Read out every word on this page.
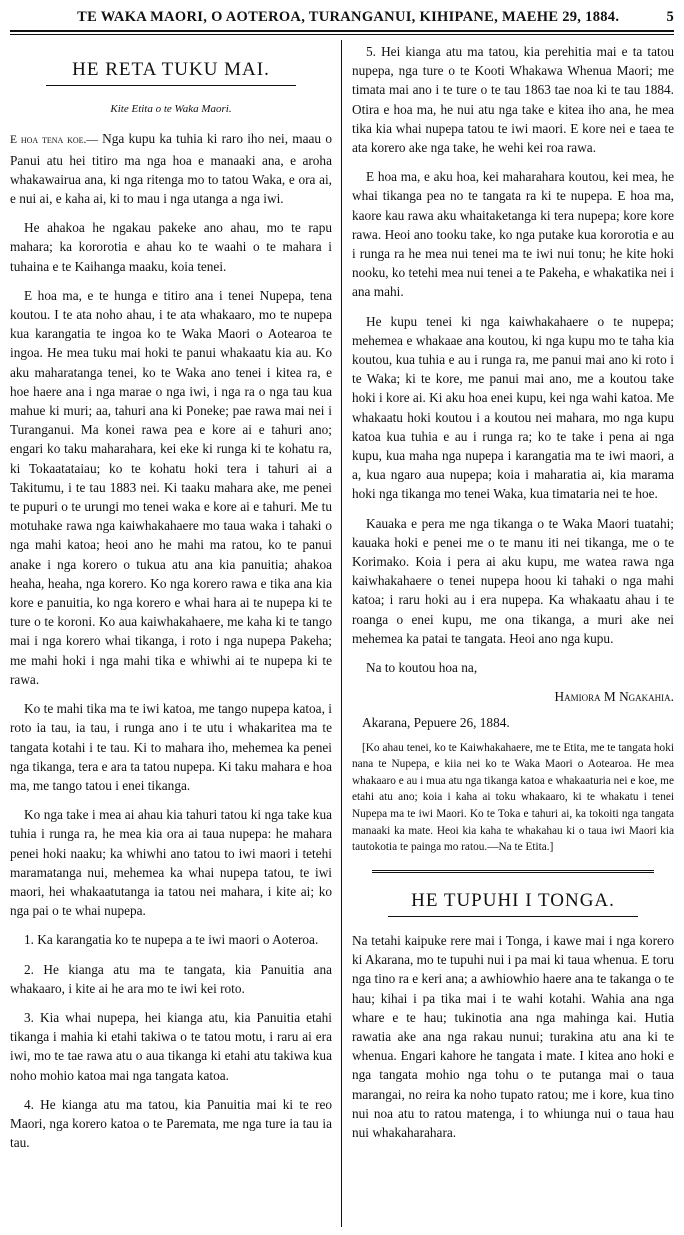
TE WAKA MAORI, O AOTEROA, TURANGANUI, KIHIPANE, MAEHE 29, 1884.	5
HE RETA TUKU MAI.
Kite Etita o te Waka Maori.

E hoa tena koe.— Nga kupu ka tuhia ki raro iho nei, maau o Panui atu hei titiro ma nga hoa e manaaki ana, e aroha whakawairua ana, ki nga ritenga mo to tatou Waka, e ora ai, e nui ai, e kaha ai, ki to mau i nga utanga a nga iwi.

He ahakoa he ngakau pakeke ano ahau, mo te rapu mahara; ka kororotia e ahau ko te waahi o te mahara i tuhaina e te Kaihanga maaku, koia tenei.

E hoa ma, e te hunga e titiro ana i tenei Nupepa, tena koutou. I te ata noho ahau, i te ata whakaaro, mo te nupepa kua karangatia te ingoa ko te Waka Maori o Aotearoa te ingoa. He mea tuku mai hoki te panui whakaatu kia au. Ko aku maharatanga tenei, ko te Waka ano tenei i kitea ra, e hoe haere ana i nga marae o nga iwi, i nga ra o nga tau kua mahue ki muri; aa, tahuri ana ki Poneke; pae rawa mai nei i Turanganui. Ma konei rawa pea e kore ai e tahuri ano; engari ko taku maharahara, kei eke ki runga ki te kohatu ra, ki Tokaatataiau; ko te kohatu hoki tera i tahuri ai a Takitumu, i te tau 1883 nei. Ki taaku mahara ake, me penei te pupuri o te urungi mo tenei waka e kore ai e tahuri. Me tu motuhake rawa nga kaiwhakahaere mo taua waka i tahaki o nga mahi katoa; heoi ano he mahi ma ratou, ko te panui anake i nga korero o tukua atu ana kia panuitia; ahakoa heaha, heaha, nga korero. Ko nga korero rawa e tika ana kia kore e panuitia, ko nga korero e whai hara ai te nupepa ki te ture o te koroni. Ko aua kaiwhakahaere, me kaha ki te tango mai i nga korero whai tikanga, i roto i nga nupepa Pakeha; me mahi hoki i nga mahi tika e whiwhi ai te nupepa ki te rawa.

Ko te mahi tika ma te iwi katoa, me tango nupepa katoa, i roto ia tau, ia tau, i runga ano i te utu i whakaritea ma te tangata kotahi i te tau. Ki to mahara iho, mehemea ka penei nga tikanga, tera e ara ta tatou nupepa. Ki taku mahara e hoa ma, me tango tatou i enei tikanga.

Ko nga take i mea ai ahau kia tahuri tatou ki nga take kua tuhia i runga ra, he mea kia ora ai taua nupepa: he mahara penei hoki naaku; ka whiwhi ano tatou to iwi maori i tetehi maramatanga nui, mehemea ka whai nupepa tatou, te iwi maori, hei whakaatutanga ia tatou nei mahara, i kite ai; ko nga pai o te whai nupepa.

1. Ka karangatia ko te nupepa a te iwi maori o Aoteroa.
2. He kianga atu ma te tangata, kia Panuitia ana whakaaro, i kite ai he ara mo te iwi kei roto.
3. Kia whai nupepa, hei kianga atu, kia Panuitia etahi tikanga i mahia ki etahi takiwa o te tatou motu, i raru ai era iwi, mo te tae rawa atu o aua tikanga ki etahi atu takiwa kua noho mohio katoa mai nga tangata katoa.
4. He kianga atu ma tatou, kia Panuitia mai ki te reo Maori, nga korero katoa o te Paremata, me nga ture ia tau ia tau.
5. Hei kianga atu ma tatou, kia perehitia mai e ta tatou nupepa, nga ture o te Kooti Whakawa Whenua Maori; me timata mai ano i te ture o te tau 1863 tae noa ki te tau 1884. Otira e hoa ma, he nui atu nga take e kitea iho ana, he mea tika kia whai nupepa tatou te iwi maori. E kore nei e taea te ata korero ake nga take, he wehi kei roa rawa.

E hoa ma, e aku hoa, kei maharahara koutou, kei mea, he whai tikanga pea no te tangata ra ki te nupepa. E hoa ma, kaore kau rawa aku whaitaketanga ki tera nupepa; kore kore rawa. Heoi ano tooku take, ko nga putake kua kororotia e au i runga ra he mea nui tenei ma te iwi nui tonu; he kite hoki nooku, ko tetehi mea nui tenei a te Pakeha, e whakatika nei i ana mahi.

He kupu tenei ki nga kaiwhakahaere o te nupepa; mehemea e whakaae ana koutou, ki nga kupu mo te taha kia koutou, kua tuhia e au i runga ra, me panui mai ano ki roto i te Waka; ki te kore, me panui mai ano, me a koutou take hoki i kore ai. Ki aku hoa enei kupu, kei nga wahi katoa. Me whakaatu hoki koutou i a koutou nei mahara, mo nga kupu katoa kua tuhia e au i runga ra; ko te take i pena ai nga kupu, kua maha nga nupepa i karangatia ma te iwi maori, a a, kua ngaro aua nupepa; koia i maharatia ai, kia marama hoki nga tikanga mo tenei Waka, kua timataria nei te hoe.

Kauaka e pera me nga tikanga o te Waka Maori tuatahi; kauaka hoki e penei me o te manu iti nei tikanga, me o te Korimako. Koia i pera ai aku kupu, me watea rawa nga kaiwhakahaere o tenei nupepa hoou ki tahaki o nga mahi katoa; i raru hoki au i era nupepa. Ka whakaatu ahau i te roanga o enei kupu, me ona tikanga, a muri ake nei mehemea ka patai te tangata. Heoi ano nga kupu.

Na to koutou hoa na,

Hamiora M Ngakahia.
Akarana, Pepuere 26, 1884.
[Ko ahau tenei, ko te Kaiwhakahaere, me te Etita, me te tangata hoki nana te Nupepa, e kiia nei ko te Waka Maori o Aotearoa. He mea whakaaro e au i mua atu nga tikanga katoa e whakaaturia nei e koe, me etahi atu ano; koia i kaha ai toku whakaaro, ki te whakatu i tenei Nupepa ma te iwi Maori. Ko te Toka e tahuri ai, ka tokoiti nga tangata manaaki ka mate. Heoi kia kaha te whakahau ki o taua iwi Maori kia tautokotia te painga mo ratou.—Na te Etita.]
HE TUPUHI I TONGA.

Na tetahi kaipuke rere mai i Tonga, i kawe mai i nga korero ki Akarana, mo te tupuhi nui i pa mai ki taua whenua. E toru nga tino ra e keri ana; a awhiowhio haere ana te takanga o te hau; kihai i pa tika mai i te wahi kotahi. Wahia ana nga whare e te hau; tukinotia ana nga mahinga kai. Hutia rawatia ake ana nga rakau nunui; turakina atu ana ki te whenua. Engari kahore he tangata i mate. I kitea ano hoki e nga tangata mohio nga tohu o te putanga mai o taua marangai, no reira ka noho tupato ratou; me i kore, kua tino nui noa atu to ratou matenga, i to whiunga nui o taua hau nui whakaharahara.
